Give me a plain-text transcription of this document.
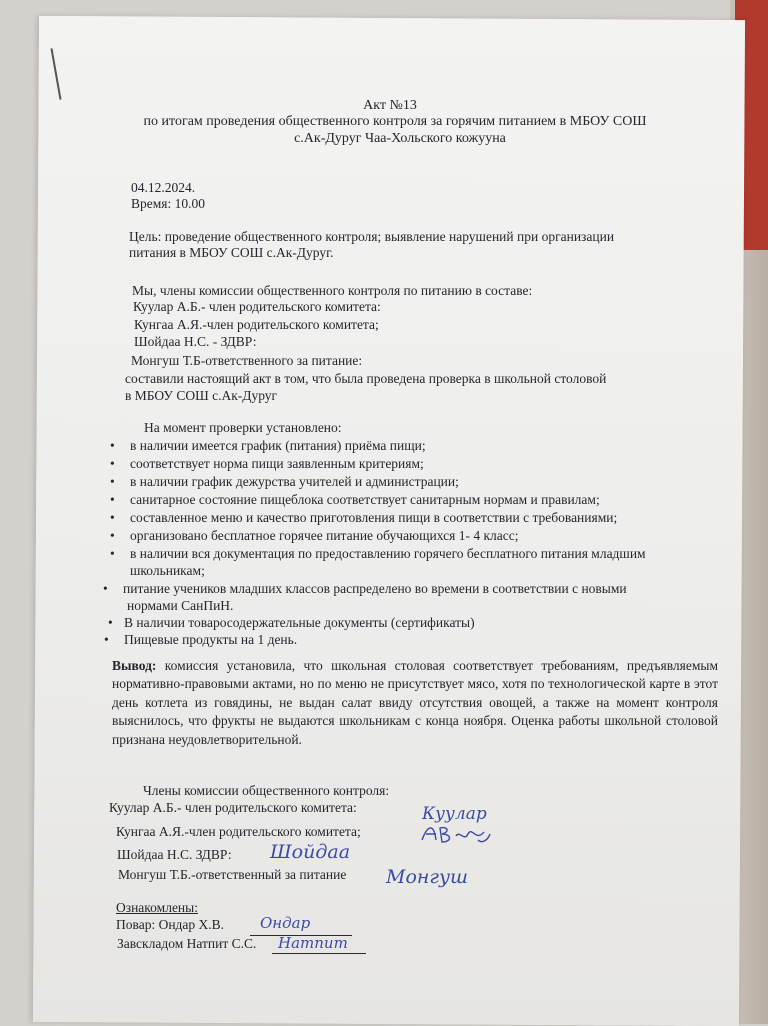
Акт №13
по итогам проведения общественного контроля за горячим питанием в МБОУ СОШ
с.Ак-Дуруг Чаа-Хольского кожууна
04.12.2024.
Время: 10.00
Цель: проведение общественного контроля; выявление нарушений при организации
питания в МБОУ СОШ с.Ак-Дуруг.
Мы, члены комиссии общественного контроля по питанию в составе:
Куулар А.Б.- член родительского комитета:
Кунгаа А.Я.-член родительского комитета;
Шойдаа Н.С. - ЗДВР:
Монгуш Т.Б-ответственного за питание:
составили настоящий акт в том, что была проведена проверка в школьной столовой
в МБОУ СОШ с.Ак-Дуруг
На момент проверки установлено:
• в наличии имеется график (питания) приёма пищи;
• соответствует норма пищи заявленным критериям;
• в наличии график дежурства учителей и администрации;
• санитарное состояние пищеблока соответствует санитарным нормам и правилам;
• составленное меню и качество приготовления пищи в соответствии с требованиями;
• организовано бесплатное горячее питание обучающихся 1- 4 класс;
• в наличии вся документация по предоставлению горячего бесплатного питания младшим
школьникам;
• питание учеников младших классов распределено во времени в соответствии с новыми
нормами СанПиН.
• В наличии товаросодержательные документы (сертификаты)
• Пищевые продукты на 1 день.
Вывод: комиссия установила, что школьная столовая соответствует требованиям, предъявляемым нормативно-правовыми актами, но по меню не присутствует мясо, хотя по технологической карте в этот день котлета из говядины, не выдан салат ввиду отсутствия овощей, а также на момент контроля выяснилось, что фрукты не выдаются школьникам с конца ноября. Оценка работы школьной столовой признана неудовлетворительной.
Члены комиссии общественного контроля:
Куулар А.Б.- член родительского комитета:
Кунгаа А.Я.-член родительского комитета;
Шойдаа Н.С. ЗДВР:
Монгуш Т.Б.-ответственный за питание
Куулар
Шойдаа
Монгуш
Ознакомлены:
Повар: Ондар Х.В. Ондар
Завскладом Натпит С.С. Натпит
